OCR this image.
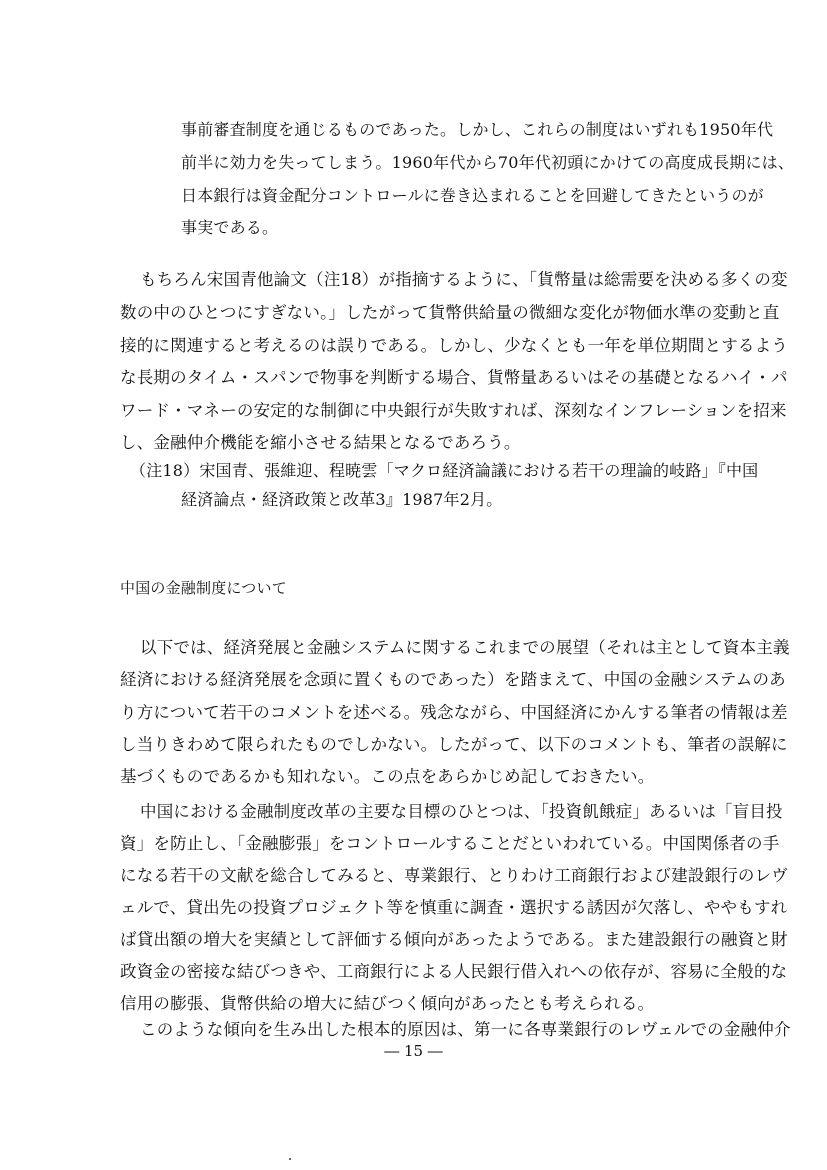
事前審査制度を通じるものであった。しかし、これらの制度はいずれも1950年代
前半に効力を失ってしまう。1960年代から70年代初頭にかけての高度成長期には、
日本銀行は資金配分コントロールに巻き込まれることを回避してきたというのが
事実である。
もちろん宋国青他論文（注18）が指摘するように、「貨幣量は総需要を決める多くの変
数の中のひとつにすぎない。」したがって貨幣供給量の微細な変化が物価水準の変動と直
接的に関連すると考えるのは誤りである。しかし、少なくとも一年を単位期間とするよう
な長期のタイム・スパンで物事を判断する場合、貨幣量あるいはその基礎となるハイ・パ
ワード・マネーの安定的な制御に中央銀行が失敗すれば、深刻なインフレーションを招来
し、金融仲介機能を縮小させる結果となるであろう。
（注18）宋国青、張維迎、程暁雲「マクロ経済論議における若干の理論的岐路」『中国
経済論点・経済政策と改革3』1987年2月。
中国の金融制度について
以下では、経済発展と金融システムに関するこれまでの展望（それは主として資本主義
経済における経済発展を念頭に置くものであった）を踏まえて、中国の金融システムのあ
り方について若干のコメントを述べる。残念ながら、中国経済にかんする筆者の情報は差
し当りきわめて限られたものでしかない。したがって、以下のコメントも、筆者の誤解に
基づくものであるかも知れない。この点をあらかじめ記しておきたい。
中国における金融制度改革の主要な目標のひとつは、「投資飢餓症」あるいは「盲目投
資」を防止し、「金融膨張」をコントロールすることだといわれている。中国関係者の手
になる若干の文献を総合してみると、専業銀行、とりわけ工商銀行および建設銀行のレヴ
ェルで、貸出先の投資プロジェクト等を慎重に調査・選択する誘因が欠落し、ややもすれ
ば貸出額の増大を実績として評価する傾向があったようである。また建設銀行の融資と財
政資金の密接な結びつきや、工商銀行による人民銀行借入れへの依存が、容易に全般的な
信用の膨張、貨幣供給の増大に結びつく傾向があったとも考えられる。
このような傾向を生み出した根本的原因は、第一に各専業銀行のレヴェルでの金融仲介
― 15 ―
